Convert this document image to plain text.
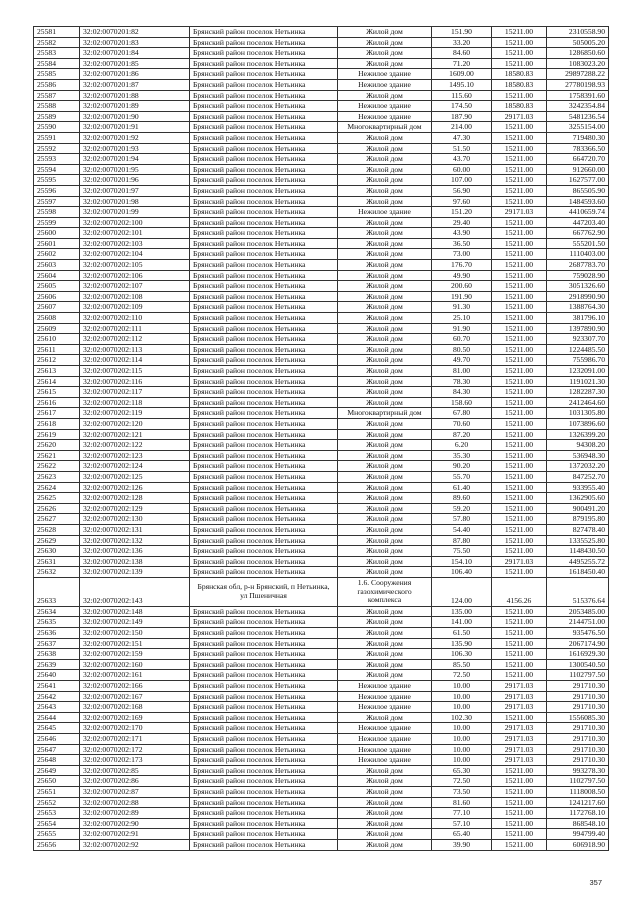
25581	32:02:0070201:82	Брянский район поселок Нетьинка	Жилой дом	151.90	15211.00	2310558.90
25582	32:02:0070201:83	Брянский район поселок Нетьинка	Жилой дом	33.20	15211.00	505005.20
25583	32:02:0070201:84	Брянский район поселок Нетьинка	Жилой дом	84.60	15211.00	1286850.60
25584	32:02:0070201:85	Брянский район поселок Нетьинка	Жилой дом	71.20	15211.00	1083023.20
25585	32:02:0070201:86	Брянский район поселок Нетьинка	Нежилое здание	1609.00	18580.83	29897288.22
25586	32:02:0070201:87	Брянский район поселок Нетьинка	Нежилое здание	1495.10	18580.83	27780198.93
25587	32:02:0070201:88	Брянский район поселок Нетьинка	Жилой дом	115.60	15211.00	1758391.60
25588	32:02:0070201:89	Брянский район поселок Нетьинка	Нежилое здание	174.50	18580.83	3242354.84
25589	32:02:0070201:90	Брянский район поселок Нетьинка	Нежилое здание	187.90	29171.03	5481236.54
25590	32:02:0070201:91	Брянский район поселок Нетьинка	Многоквартирный дом	214.00	15211.00	3255154.00
25591	32:02:0070201:92	Брянский район поселок Нетьинка	Жилой дом	47.30	15211.00	719480.30
25592	32:02:0070201:93	Брянский район поселок Нетьинка	Жилой дом	51.50	15211.00	783366.50
25593	32:02:0070201:94	Брянский район поселок Нетьинка	Жилой дом	43.70	15211.00	664720.70
25594	32:02:0070201:95	Брянский район поселок Нетьинка	Жилой дом	60.00	15211.00	912660.00
25595	32:02:0070201:96	Брянский район поселок Нетьинка	Жилой дом	107.00	15211.00	1627577.00
25596	32:02:0070201:97	Брянский район поселок Нетьинка	Жилой дом	56.90	15211.00	865505.90
25597	32:02:0070201:98	Брянский район поселок Нетьинка	Жилой дом	97.60	15211.00	1484593.60
25598	32:02:0070201:99	Брянский район поселок Нетьинка	Нежилое здание	151.20	29171.03	4410659.74
25599	32:02:0070202:100	Брянский район поселок Нетьинка	Жилой дом	29.40	15211.00	447203.40
25600	32:02:0070202:101	Брянский район поселок Нетьинка	Жилой дом	43.90	15211.00	667762.90
25601	32:02:0070202:103	Брянский район поселок Нетьинка	Жилой дом	36.50	15211.00	555201.50
25602	32:02:0070202:104	Брянский район поселок Нетьинка	Жилой дом	73.00	15211.00	1110403.00
25603	32:02:0070202:105	Брянский район поселок Нетьинка	Жилой дом	176.70	15211.00	2687783.70
25604	32:02:0070202:106	Брянский район поселок Нетьинка	Жилой дом	49.90	15211.00	759028.90
25605	32:02:0070202:107	Брянский район поселок Нетьинка	Жилой дом	200.60	15211.00	3051326.60
25606	32:02:0070202:108	Брянский район поселок Нетьинка	Жилой дом	191.90	15211.00	2918990.90
25607	32:02:0070202:109	Брянский район поселок Нетьинка	Жилой дом	91.30	15211.00	1388764.30
25608	32:02:0070202:110	Брянский район поселок Нетьинка	Жилой дом	25.10	15211.00	381796.10
25609	32:02:0070202:111	Брянский район поселок Нетьинка	Жилой дом	91.90	15211.00	1397890.90
25610	32:02:0070202:112	Брянский район поселок Нетьинка	Жилой дом	60.70	15211.00	923307.70
25611	32:02:0070202:113	Брянский район поселок Нетьинка	Жилой дом	80.50	15211.00	1224485.50
25612	32:02:0070202:114	Брянский район поселок Нетьинка	Жилой дом	49.70	15211.00	755986.70
25613	32:02:0070202:115	Брянский район поселок Нетьинка	Жилой дом	81.00	15211.00	1232091.00
25614	32:02:0070202:116	Брянский район поселок Нетьинка	Жилой дом	78.30	15211.00	1191021.30
25615	32:02:0070202:117	Брянский район поселок Нетьинка	Жилой дом	84.30	15211.00	1282287.30
25616	32:02:0070202:118	Брянский район поселок Нетьинка	Жилой дом	158.60	15211.00	2412464.60
25617	32:02:0070202:119	Брянский район поселок Нетьинка	Многоквартирный дом	67.80	15211.00	1031305.80
25618	32:02:0070202:120	Брянский район поселок Нетьинка	Жилой дом	70.60	15211.00	1073896.60
25619	32:02:0070202:121	Брянский район поселок Нетьинка	Жилой дом	87.20	15211.00	1326399.20
25620	32:02:0070202:122	Брянский район поселок Нетьинка	Жилой дом	6.20	15211.00	94308.20
25621	32:02:0070202:123	Брянский район поселок Нетьинка	Жилой дом	35.30	15211.00	536948.30
25622	32:02:0070202:124	Брянский район поселок Нетьинка	Жилой дом	90.20	15211.00	1372032.20
25623	32:02:0070202:125	Брянский район поселок Нетьинка	Жилой дом	55.70	15211.00	847252.70
25624	32:02:0070202:126	Брянский район поселок Нетьинка	Жилой дом	61.40	15211.00	933955.40
25625	32:02:0070202:128	Брянский район поселок Нетьинка	Жилой дом	89.60	15211.00	1362905.60
25626	32:02:0070202:129	Брянский район поселок Нетьинка	Жилой дом	59.20	15211.00	900491.20
25627	32:02:0070202:130	Брянский район поселок Нетьинка	Жилой дом	57.80	15211.00	879195.80
25628	32:02:0070202:131	Брянский район поселок Нетьинка	Жилой дом	54.40	15211.00	827478.40
25629	32:02:0070202:132	Брянский район поселок Нетьинка	Жилой дом	87.80	15211.00	1335525.80
25630	32:02:0070202:136	Брянский район поселок Нетьинка	Жилой дом	75.50	15211.00	1148430.50
25631	32:02:0070202:138	Брянский район поселок Нетьинка	Жилой дом	154.10	29171.03	4495255.72
25632	32:02:0070202:139	Брянский район поселок Нетьинка	Жилой дом	106.40	15211.00	1618450.40
25633	32:02:0070202:143	Брянская обл, р-н Брянский, п Нетьинка, ул Пшеничная	1.6. Сооружения газохимического комплекса	124.00	4156.26	515376.64
25634	32:02:0070202:148	Брянский район поселок Нетьинка	Жилой дом	135.00	15211.00	2053485.00
25635	32:02:0070202:149	Брянский район поселок Нетьинка	Жилой дом	141.00	15211.00	2144751.00
25636	32:02:0070202:150	Брянский район поселок Нетьинка	Жилой дом	61.50	15211.00	935476.50
25637	32:02:0070202:151	Брянский район поселок Нетьинка	Жилой дом	135.90	15211.00	2067174.90
25638	32:02:0070202:159	Брянский район поселок Нетьинка	Жилой дом	106.30	15211.00	1616929.30
25639	32:02:0070202:160	Брянский район поселок Нетьинка	Жилой дом	85.50	15211.00	1300540.50
25640	32:02:0070202:161	Брянский район поселок Нетьинка	Жилой дом	72.50	15211.00	1102797.50
25641	32:02:0070202:166	Брянский район поселок Нетьинка	Нежилое здание	10.00	29171.03	291710.30
25642	32:02:0070202:167	Брянский район поселок Нетьинка	Нежилое здание	10.00	29171.03	291710.30
25643	32:02:0070202:168	Брянский район поселок Нетьинка	Нежилое здание	10.00	29171.03	291710.30
25644	32:02:0070202:169	Брянский район поселок Нетьинка	Жилой дом	102.30	15211.00	1556085.30
25645	32:02:0070202:170	Брянский район поселок Нетьинка	Нежилое здание	10.00	29171.03	291710.30
25646	32:02:0070202:171	Брянский район поселок Нетьинка	Нежилое здание	10.00	29171.03	291710.30
25647	32:02:0070202:172	Брянский район поселок Нетьинка	Нежилое здание	10.00	29171.03	291710.30
25648	32:02:0070202:173	Брянский район поселок Нетьинка	Нежилое здание	10.00	29171.03	291710.30
25649	32:02:0070202:85	Брянский район поселок Нетьинка	Жилой дом	65.30	15211.00	993278.30
25650	32:02:0070202:86	Брянский район поселок Нетьинка	Жилой дом	72.50	15211.00	1102797.50
25651	32:02:0070202:87	Брянский район поселок Нетьинка	Жилой дом	73.50	15211.00	1118008.50
25652	32:02:0070202:88	Брянский район поселок Нетьинка	Жилой дом	81.60	15211.00	1241217.60
25653	32:02:0070202:89	Брянский район поселок Нетьинка	Жилой дом	77.10	15211.00	1172768.10
25654	32:02:0070202:90	Брянский район поселок Нетьинка	Жилой дом	57.10	15211.00	868548.10
25655	32:02:0070202:91	Брянский район поселок Нетьинка	Жилой дом	65.40	15211.00	994799.40
25656	32:02:0070202:92	Брянский район поселок Нетьинка	Жилой дом	39.90	15211.00	606918.90
357
